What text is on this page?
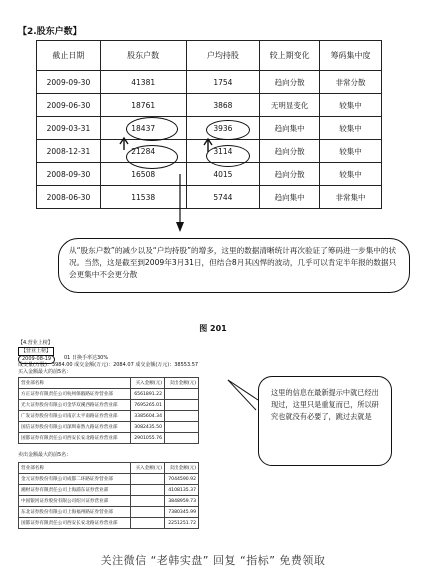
【2.股东户数】
截止日期	股东户数	户均持股	较上期变化	筹码集中度
2009-09-30	41381	1754	趋向分散	非常分散
2009-06-30	18761	3868	无明显变化	较集中
2009-03-31	18437	3936	趋向集中	较集中
2008-12-31	21284	3114	趋向分散	较集中
2008-09-30	16508	4015	趋向分散	较集中
2008-06-30	11538	5744	趋向集中	非常集中
从“股东户数”的减少以及“户均持股”的增多，这里的数据清晰统计再次验证了筹码进一步集中的状况。当然，这是截至到2009年3月31日，但结合8月其凶悍的波动，几乎可以肯定半年报的数据只会更集中不会更分散
图 201
【4.营业上榜】
【营业上榜】
2009-08-19	01 日换手率达30%
成交量(万股)：3984.00 成交金额(万元)：2084.07 成交金额(万元)：38553.57
买入金额最大的前5名：
营业部名称	买入金额(元)	卖出金额(元)
方正证券有限责任公司杭州保俶路证券营业部	6561891.22	
光大证券股份有限公司金华双溪西路证券营业部	7695265.01	
广发证券股份有限公司南京太平南路证券营业部	3385604.34	
国信证券股份有限公司深圳泰然九路证券营业部	3082435.50	
国都证券有限责任公司西安长安北路证券营业部	2901055.76	
卖出金额最大的前5名：
营业部名称	买入金额(元)	卖出金额(元)
金元证券股份有限公司成都二环路证券营业部		7044590.92
湘财证券有限责任公司上海浦东证券营业部		4108135.37
中国银河证券股份有限公司绍兴证券营业部		3848959.73
东北证券股份有限公司上海福州路证券营业部		7380345.99
国都证券有限责任公司西安长安北路证券营业部		2251251.72
这里的信息在最新提示中就已经出现过，这里只是重复而已，所以研究也就没有必要了，跳过去就是
关注微信 “老韩实盘” 回复 “指标” 免费领取
